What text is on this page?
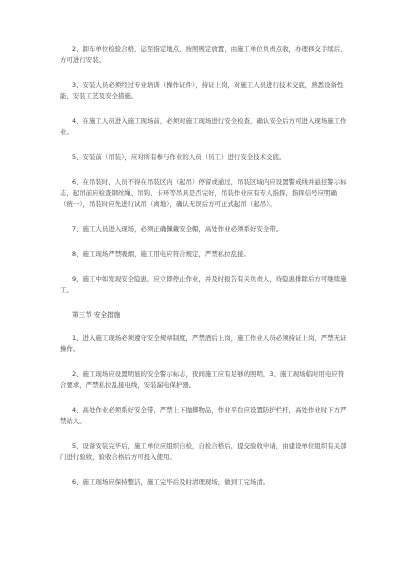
2、卸车单位检验合格，运至指定地点，按照规定放置，由施工单位负责点收，办理移交手续后，方可进行安装。

3、安装人员必须经过专业培训（操作证件），持证上岗，对施工人员进行技术交底，熟悉设备性能、安装工艺及安全措施。

4、在施工人员进入施工现场前，必须对施工现场进行安全检查，确认安全后方可进入现场施工作业。

5、安装前（吊装），应对所有参与作业的人员（员工）进行安全技术交底。

6、在吊装时，人员不得在吊装区内（起吊）停留或通过，吊装区域内应设置警戒线并悬挂警示标志，起吊前应检查钢丝绳、吊钩、卡环等吊具是否完好，吊装作业应有专人指挥，指挥信号应明确（统一），吊装时应先进行试吊（离地），确认无误后方可正式起吊（起吊）。

7、施工人员进入现场，必须正确佩戴安全帽，高处作业必须系好安全带。

8、施工现场严禁吸烟，施工用电应符合规定，严禁私拉乱接。

9、施工中如发现安全隐患，应立即停止作业，并及时报告有关负责人，待隐患排除后方可继续施工。

第三节 安全措施

1、进入施工现场必须遵守安全规章制度，严禁酒后上岗，施工作业人员必须持证上岗，严禁无证操作。

2、施工现场应设置明显的安全警示标志，夜间施工应有足够的照明，3、施工现场临时用电应符合要求，严禁私拉乱接电线，安装漏电保护器。

4、高处作业必须系好安全带，严禁上下抛掷物品，作业平台应设置防护栏杆，高处作业时下方严禁站人。

5、设备安装完毕后，施工单位应组织自检，自检合格后，提交验收申请，由建设单位组织有关部门进行验收，验收合格后方可投入使用。

6、施工现场应保持整洁，施工完毕后及时清理现场，做到工完场清。
